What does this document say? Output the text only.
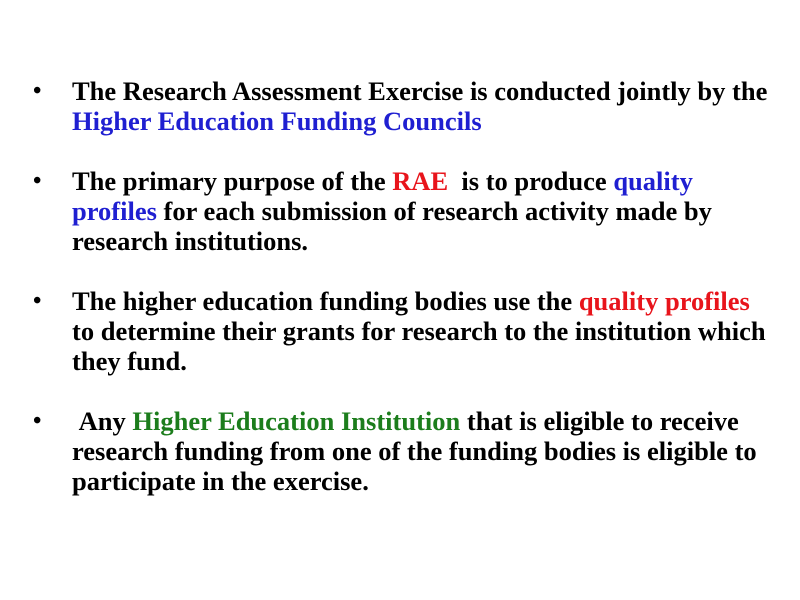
•	The Research Assessment Exercise is conducted jointly by the Higher Education Funding Councils
•	The primary purpose of the RAE  is to produce quality profiles for each submission of research activity made by research institutions.
•	The higher education funding bodies use the quality profiles to determine their grants for research to the institution which they fund.
•	Any Higher Education Institution that is eligible to receive research funding from one of the funding bodies is eligible to participate in the exercise.
